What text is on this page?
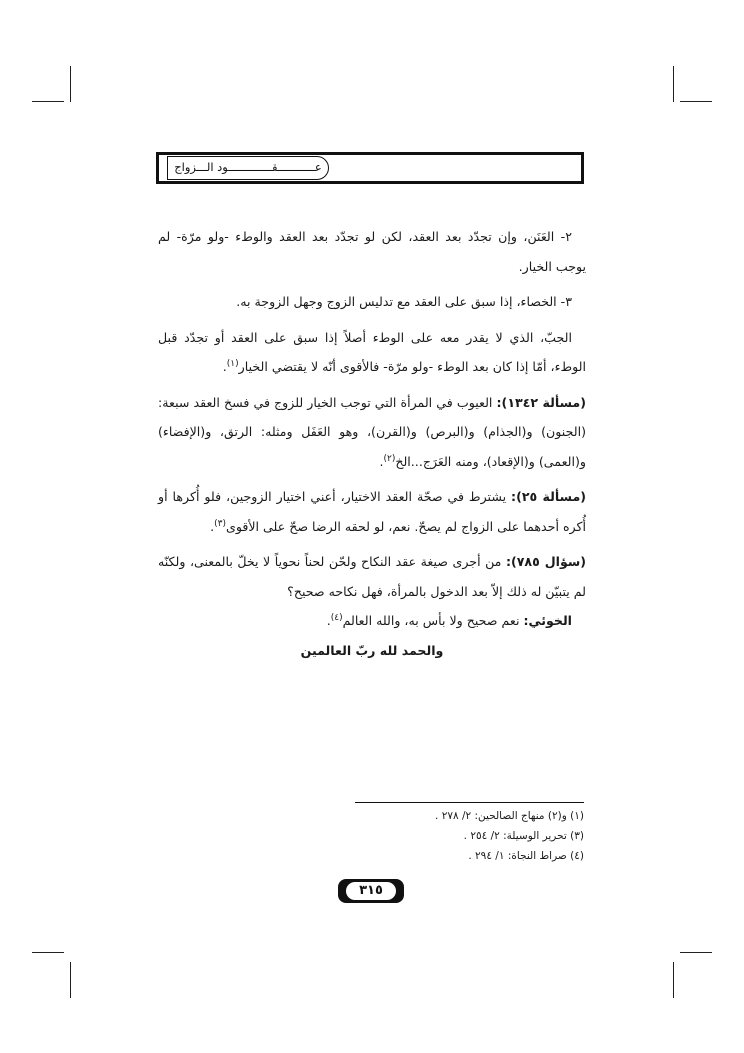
عـــــــــــقـــــــــــــود الـــزواج

٢- العَنَن، وإن تجدّد بعد العقد، لكن لو تجدّد بعد العقد والوطء -ولو مرّة- لم يوجب الخيار.

٣- الخصاء، إذا سبق على العقد مع تدليس الزوج وجهل الزوجة به.

الجبّ، الذي لا يقدر معه على الوطء أصلاً إذا سبق على العقد أو تجدّد قبل الوطء، أمّا إذا كان بعد الوطء -ولو مرّة- فالأقوى أنّه لا يقتضي الخيار$^{(١)}$.

(مسألة ١٣٤٢): العيوب في المرأة التي توجب الخيار للزوج في فسخ العقد سبعة: (الجنون) و(الجذام) و(البرص) و(القرن)، وهو العَفَل ومثله: الرتق، و(الإفضاء) و(العمى) و(الإقعاد)، ومنه العَرَج...الخ$^{(٢)}$.

(مسألة ٢٥): يشترط في صحّة العقد الاختيار، أعني اختيار الزوجين، فلو أُكرها أو أُكره أحدهما على الزواج لم يصحّ. نعم، لو لحقه الرضا صحّ على الأقوى$^{(٣)}$.

(سؤال ٧٨٥): من أجرى صيغة عقد النكاح ولحّن لحناً نحوياً لا يخلّ بالمعنى، ولكنّه لم يتبيّن له ذلك إلاّ بعد الدخول بالمرأة، فهل نكاحه صحيح؟

الخوئي: نعم صحيح ولا بأس به، والله العالم$^{(٤)}$.

والحمد لله ربّ العالمين

(١) و(٢) منهاج الصالحين: ٢/ ٢٧٨ .
(٣) تحرير الوسيلة: ٢/ ٢٥٤ .
(٤) صراط النجاة: ١/ ٢٩٤ .
٣١٥
